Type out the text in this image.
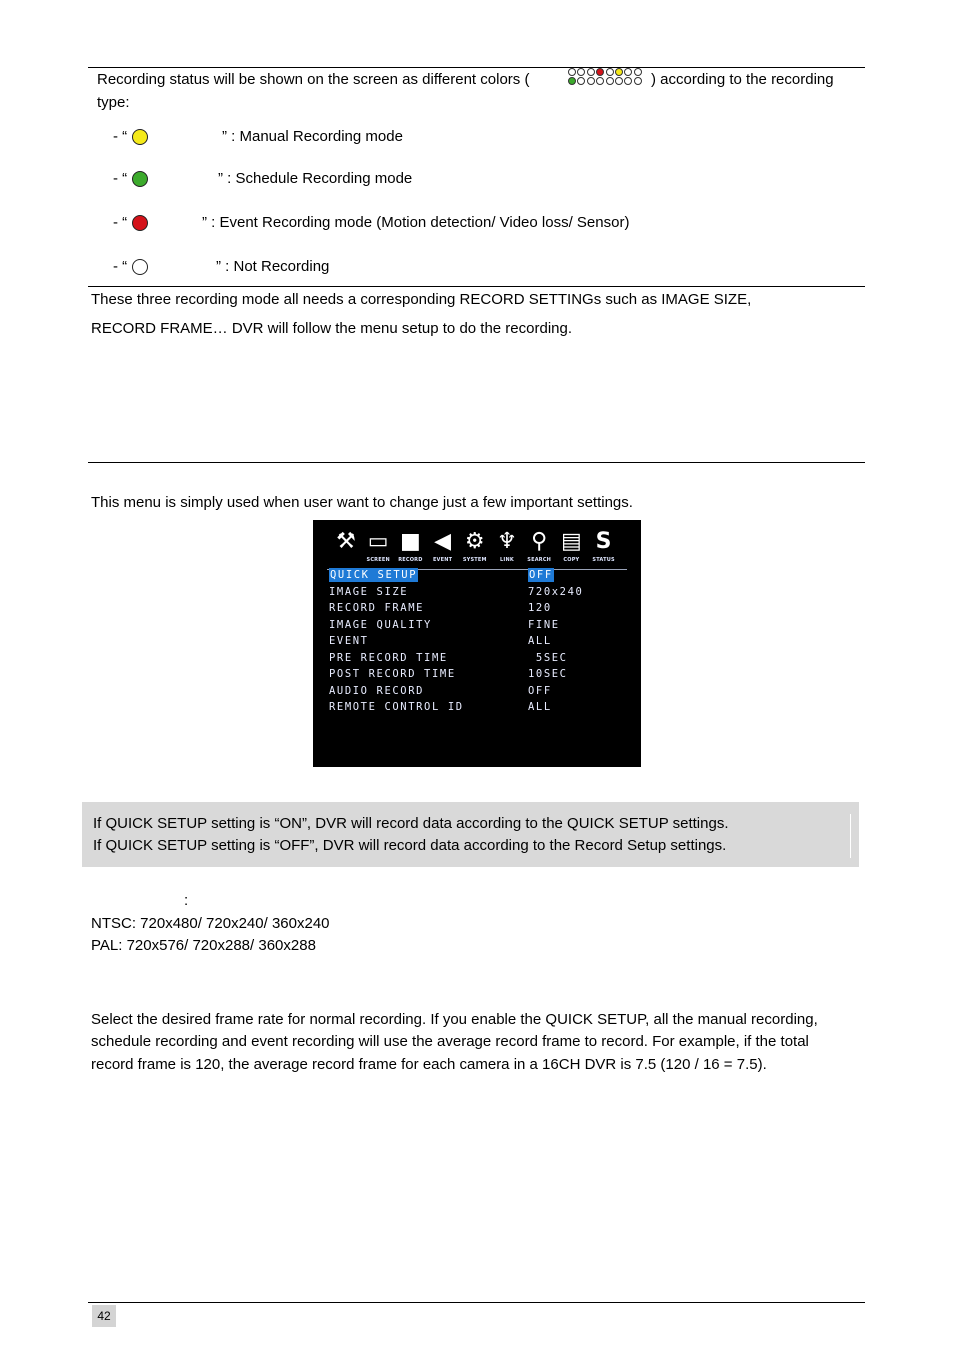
Recording status will be shown on the screen as different colors (	) according to the recording
type:
- “	” : Manual Recording mode
- “	” : Schedule Recording mode
- “	” : Event Recording mode (Motion detection/ Video loss/ Sensor)
- “	” : Not Recording
These three recording mode all needs a corresponding RECORD SETTINGs such as IMAGE SIZE,
RECORD FRAME… DVR will follow the menu setup to do the recording.
This menu is simply used when user want to change just a few important settings.
⚒ ▭
SCREEN
■
RECORD
◀
EVENT
⚙
SYSTEM
♆
LINK
⚲
SEARCH
▤
COPY
S
STATUS
QUICK SETUP	OFF
IMAGE SIZE	720x240
RECORD FRAME	120
IMAGE QUALITY	FINE
EVENT	ALL
PRE RECORD TIME	5SEC
POST RECORD TIME	10SEC
AUDIO RECORD	OFF
REMOTE CONTROL ID	ALL
If QUICK SETUP setting is “ON”, DVR will record data according to the QUICK SETUP settings.
If QUICK SETUP setting is “OFF”, DVR will record data according to the Record Setup settings.
:
NTSC: 720x480/ 720x240/ 360x240
PAL: 720x576/ 720x288/ 360x288
Select the desired frame rate for normal recording. If you enable the QUICK SETUP, all the manual recording,
schedule recording and event recording will use the average record frame to record. For example, if the total
record frame is 120, the average record frame for each camera in a 16CH DVR is 7.5 (120 / 16 = 7.5).
42
